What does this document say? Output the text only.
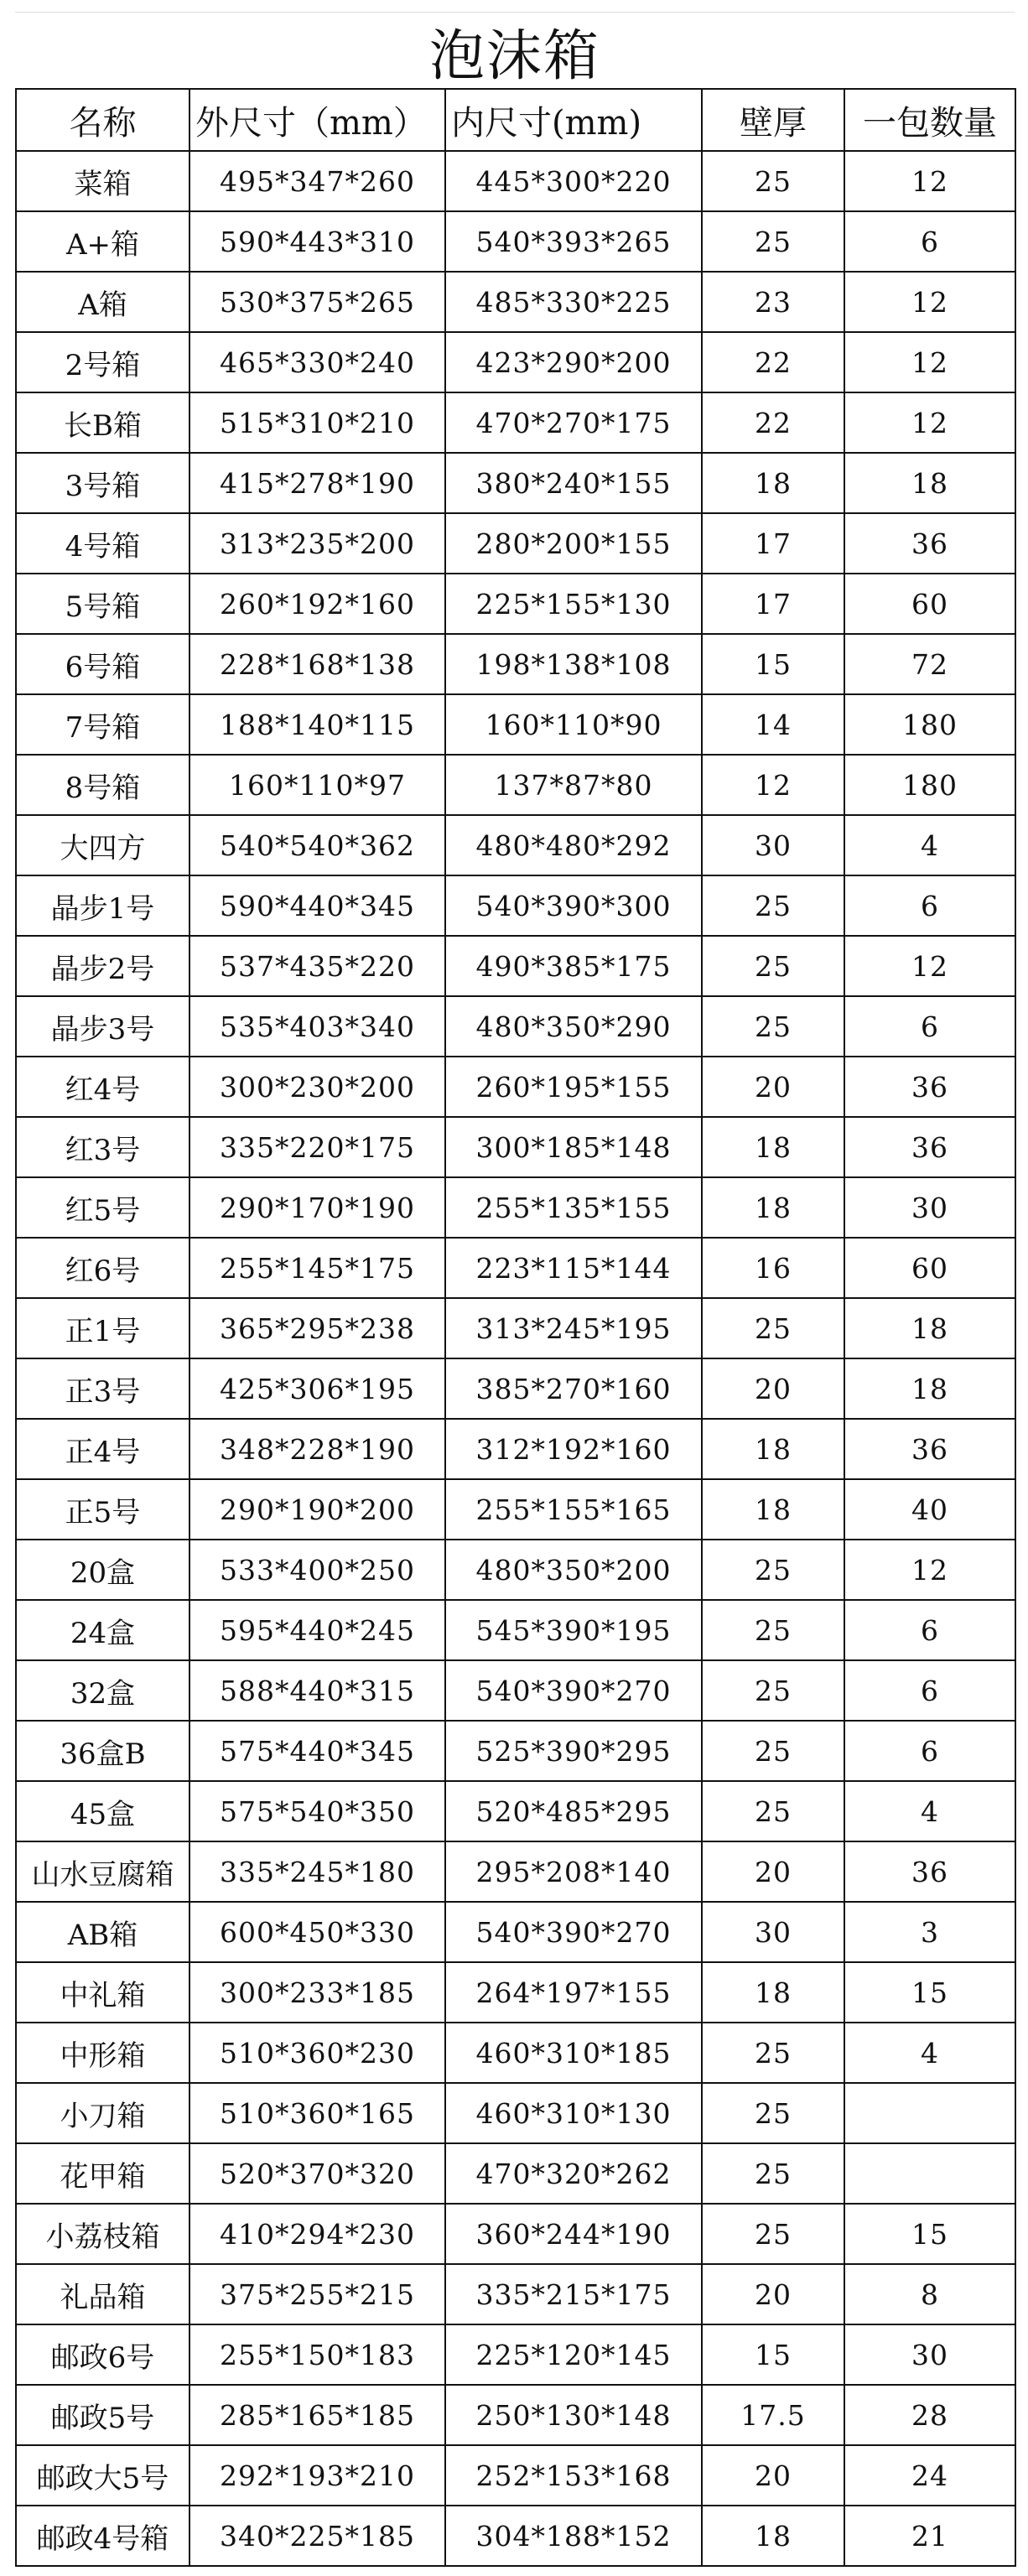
泡沫箱
名称	外尺寸（mm）	内尺寸(mm)	壁厚	一包数量
菜箱	495*347*260	445*300*220	25	12
A+箱	590*443*310	540*393*265	25	6
A箱	530*375*265	485*330*225	23	12
2号箱	465*330*240	423*290*200	22	12
长B箱	515*310*210	470*270*175	22	12
3号箱	415*278*190	380*240*155	18	18
4号箱	313*235*200	280*200*155	17	36
5号箱	260*192*160	225*155*130	17	60
6号箱	228*168*138	198*138*108	15	72
7号箱	188*140*115	160*110*90	14	180
8号箱	160*110*97	137*87*80	12	180
大四方	540*540*362	480*480*292	30	4
晶步1号	590*440*345	540*390*300	25	6
晶步2号	537*435*220	490*385*175	25	12
晶步3号	535*403*340	480*350*290	25	6
红4号	300*230*200	260*195*155	20	36
红3号	335*220*175	300*185*148	18	36
红5号	290*170*190	255*135*155	18	30
红6号	255*145*175	223*115*144	16	60
正1号	365*295*238	313*245*195	25	18
正3号	425*306*195	385*270*160	20	18
正4号	348*228*190	312*192*160	18	36
正5号	290*190*200	255*155*165	18	40
20盒	533*400*250	480*350*200	25	12
24盒	595*440*245	545*390*195	25	6
32盒	588*440*315	540*390*270	25	6
36盒B	575*440*345	525*390*295	25	6
45盒	575*540*350	520*485*295	25	4
山水豆腐箱	335*245*180	295*208*140	20	36
AB箱	600*450*330	540*390*270	30	3
中礼箱	300*233*185	264*197*155	18	15
中形箱	510*360*230	460*310*185	25	4
小刀箱	510*360*165	460*310*130	25	
花甲箱	520*370*320	470*320*262	25	
小荔枝箱	410*294*230	360*244*190	25	15
礼品箱	375*255*215	335*215*175	20	8
邮政6号	255*150*183	225*120*145	15	30
邮政5号	285*165*185	250*130*148	17.5	28
邮政大5号	292*193*210	252*153*168	20	24
邮政4号箱	340*225*185	304*188*152	18	21
